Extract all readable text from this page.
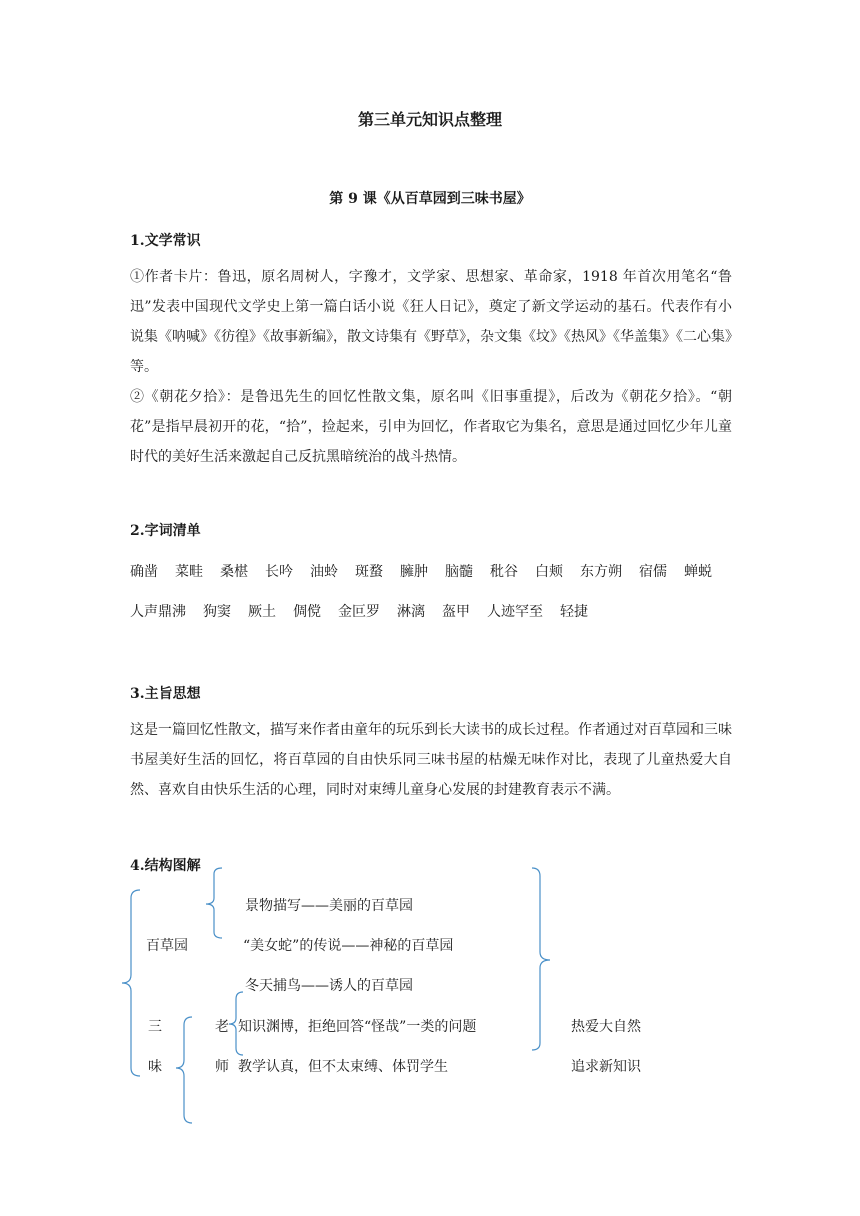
第三单元知识点整理
第 9 课《从百草园到三味书屋》
1.文学常识
①作者卡片：鲁迅，原名周树人，字豫才，文学家、思想家、革命家，1918 年首次用笔名“鲁迅”发表中国现代文学史上第一篇白话小说《狂人日记》，奠定了新文学运动的基石。代表作有小说集《呐喊》《彷徨》《故事新编》，散文诗集有《野草》，杂文集《坟》《热风》《华盖集》《二心集》等。
②《朝花夕拾》：是鲁迅先生的回忆性散文集，原名叫《旧事重提》，后改为《朝花夕拾》。“朝花”是指早晨初开的花，“拾”，捡起来，引申为回忆，作者取它为集名，意思是通过回忆少年儿童时代的美好生活来激起自己反抗黑暗统治的战斗热情。
2.字词清单
确凿 菜畦 桑椹 长吟 油蛉 斑蝥 臃肿 脑髓 秕谷 白颊 东方朔 宿儒 蝉蜕
人声鼎沸 狗窦 厥土 倜傥 金叵罗 淋漓 盔甲 人迹罕至 轻捷
3.主旨思想
这是一篇回忆性散文，描写来作者由童年的玩乐到长大读书的成长过程。作者通过对百草园和三味书屋美好生活的回忆，将百草园的自由快乐同三味书屋的枯燥无味作对比，表现了儿童热爱大自然、喜欢自由快乐生活的心理，同时对束缚儿童身心发展的封建教育表示不满。
4.结构图解
百草园
景物描写——美丽的百草园
“美女蛇”的传说——神秘的百草园
冬天捕鸟——诱人的百草园
三
味
老
师
知识渊博，拒绝回答“怪哉”一类的问题
教学认真，但不太束缚、体罚学生
热爱大自然
追求新知识
